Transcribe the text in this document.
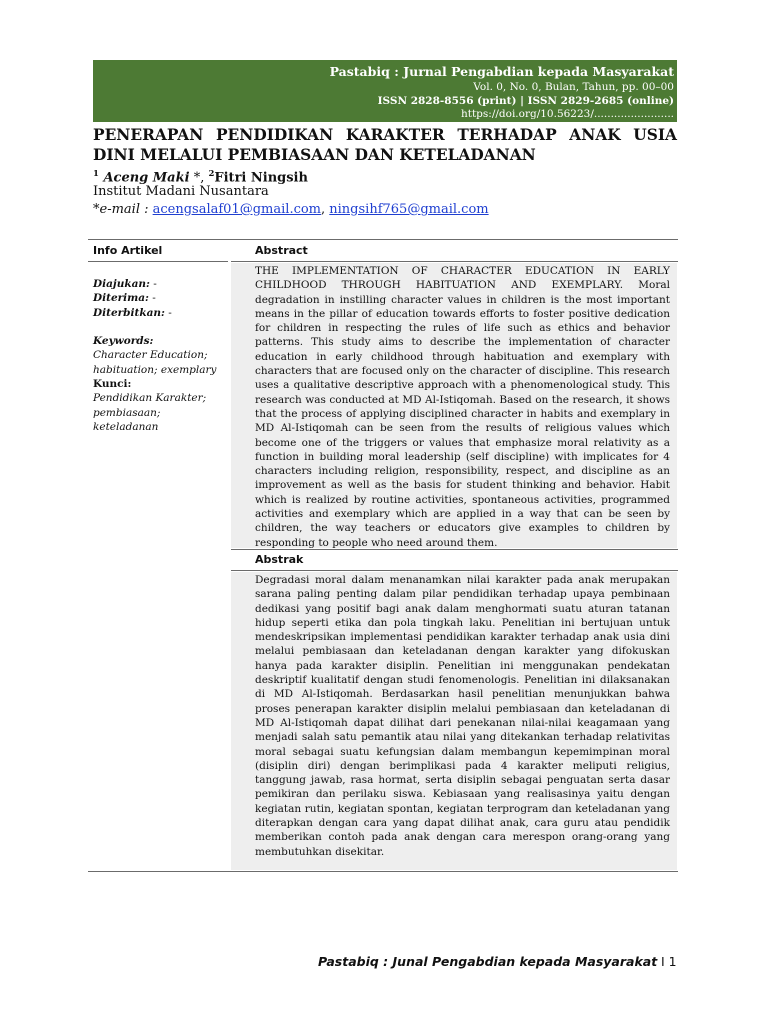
Pastabiq : Jurnal Pengabdian kepada Masyarakat
Vol. 0, No. 0, Bulan, Tahun, pp. 00–00
ISSN 2828-8556 (print) | ISSN 2829-2685 (online)
https://doi.org/10.56223/........................
PENERAPAN PENDIDIKAN KARAKTER TERHADAP ANAK USIA DINI MELALUI PEMBIASAAN DAN KETELADANAN
$^1$ Aceng Maki *, $^2$Fitri Ningsih
Institut Madani Nusantara
*e-mail : acengsalaf01@gmail.com, ningsihf765@gmail.com
Info Artikel	Abstract
Abstrak
Diajukan: -
Diterima: -
Diterbitkan: -
Keywords:
Character Education;
habituation; exemplary
Kunci:
Pendidikan Karakter;
pembiasaan;
keteladanan
THE IMPLEMENTATION OF CHARACTER EDUCATION IN EARLY CHILDHOOD THROUGH HABITUATION AND EXEMPLARY. Moral degradation in instilling character values in children is the most important means in the pillar of education towards efforts to foster positive dedication for children in respecting the rules of life such as ethics and behavior patterns. This study aims to describe the implementation of character education in early childhood through habituation and exemplary with characters that are focused only on the character of discipline. This research uses a qualitative descriptive approach with a phenomenological study. This research was conducted at MD Al-Istiqomah. Based on the research, it shows that the process of applying disciplined character in habits and exemplary in MD Al-Istiqomah can be seen from the results of religious values which become one of the triggers or values that emphasize moral relativity as a function in building moral leadership (self discipline) with implicates for 4 characters including religion, responsibility, respect, and discipline as an improvement as well as the basis for student thinking and behavior. Habit which is realized by routine activities, spontaneous activities, programmed activities and exemplary which are applied in a way that can be seen by children, the way teachers or educators give examples to children by responding to people who need around them.
Degradasi moral dalam menanamkan nilai karakter pada anak merupakan sarana paling penting dalam pilar pendidikan terhadap upaya pembinaan dedikasi yang positif bagi anak dalam menghormati suatu aturan tatanan hidup seperti etika dan pola tingkah laku. Penelitian ini bertujuan untuk mendeskripsikan implementasi pendidikan karakter terhadap anak usia dini melalui pembiasaan dan keteladanan dengan karakter yang difokuskan hanya pada karakter disiplin. Penelitian ini menggunakan pendekatan deskriptif kualitatif dengan studi fenomenologis. Penelitian ini dilaksanakan di MD Al-Istiqomah. Berdasarkan hasil penelitian menunjukkan bahwa proses penerapan karakter disiplin melalui pembiasaan dan keteladanan di MD Al-Istiqomah dapat dilihat dari penekanan nilai-nilai keagamaan yang menjadi salah satu pemantik atau nilai yang ditekankan terhadap relativitas moral sebagai suatu kefungsian dalam membangun kepemimpinan moral (disiplin diri) dengan berimplikasi pada 4 karakter meliputi religius, tanggung jawab, rasa hormat, serta disiplin sebagai penguatan serta dasar pemikiran dan perilaku siswa. Kebiasaan yang realisasinya yaitu dengan kegiatan rutin, kegiatan spontan, kegiatan terprogram dan keteladanan yang diterapkan dengan cara yang dapat dilihat anak, cara guru atau pendidik memberikan contoh pada anak dengan cara merespon orang-orang yang membutuhkan disekitar.
Pastabiq : Junal Pengabdian kepada Masyarakat I 1
